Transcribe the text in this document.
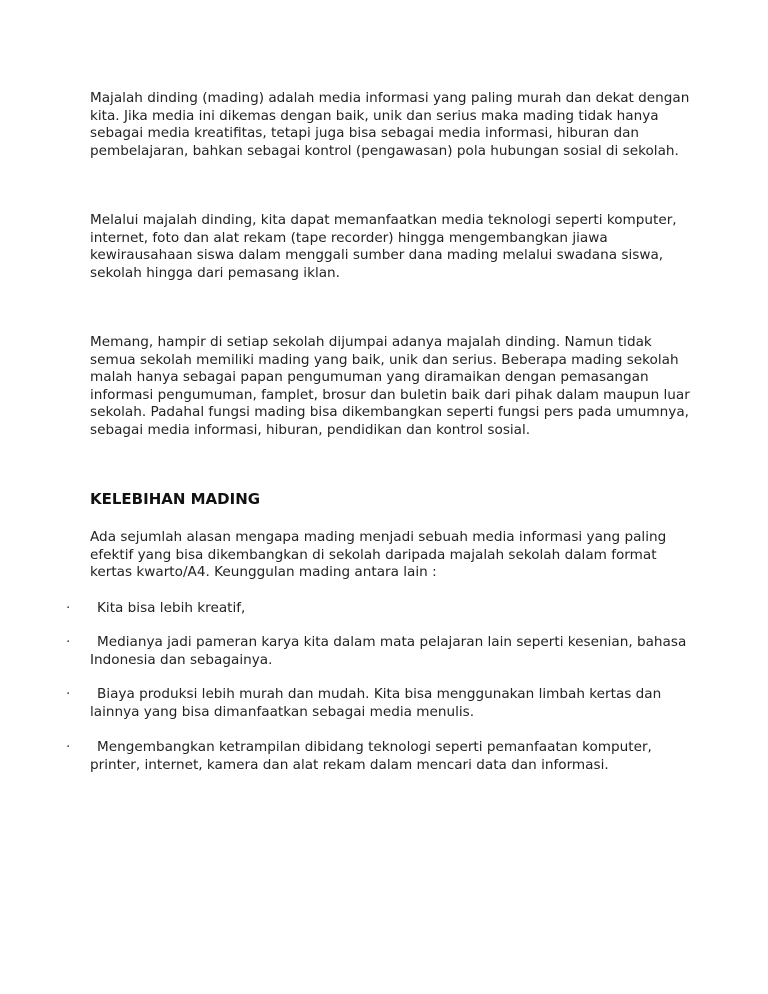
Majalah dinding (mading) adalah media informasi yang paling murah dan dekat dengan kita. Jika media ini dikemas dengan baik, unik dan serius maka mading tidak hanya sebagai media kreatifitas, tetapi juga bisa sebagai media informasi, hiburan dan pembelajaran, bahkan sebagai kontrol (pengawasan) pola hubungan sosial di sekolah.

Melalui majalah dinding, kita dapat memanfaatkan media teknologi seperti komputer, internet, foto dan alat rekam (tape recorder) hingga mengembangkan jiawa kewirausahaan siswa dalam menggali sumber dana mading melalui swadana siswa, sekolah hingga dari pemasang iklan.

Memang, hampir di setiap sekolah dijumpai adanya majalah dinding. Namun tidak semua sekolah memiliki mading yang baik, unik dan serius. Beberapa mading sekolah malah hanya sebagai papan pengumuman yang diramaikan dengan pemasangan informasi pengumuman, famplet, brosur dan buletin baik dari pihak dalam maupun luar sekolah. Padahal fungsi mading bisa dikembangkan seperti fungsi pers pada umumnya, sebagai media informasi, hiburan, pendidikan dan kontrol sosial.

KELEBIHAN MADING

Ada sejumlah alasan mengapa mading menjadi sebuah media informasi yang paling efektif yang bisa dikembangkan di sekolah daripada majalah sekolah dalam format kertas kwarto/A4. Keunggulan mading antara lain :

·	Kita bisa lebih kreatif,

·	Medianya jadi pameran karya kita dalam mata pelajaran lain seperti kesenian, bahasa Indonesia dan sebagainya.

·	Biaya produksi lebih murah dan mudah. Kita bisa menggunakan limbah kertas dan lainnya yang bisa dimanfaatkan sebagai media menulis.

·	Mengembangkan ketrampilan dibidang teknologi seperti pemanfaatan komputer, printer, internet, kamera dan alat rekam dalam mencari data dan informasi.
